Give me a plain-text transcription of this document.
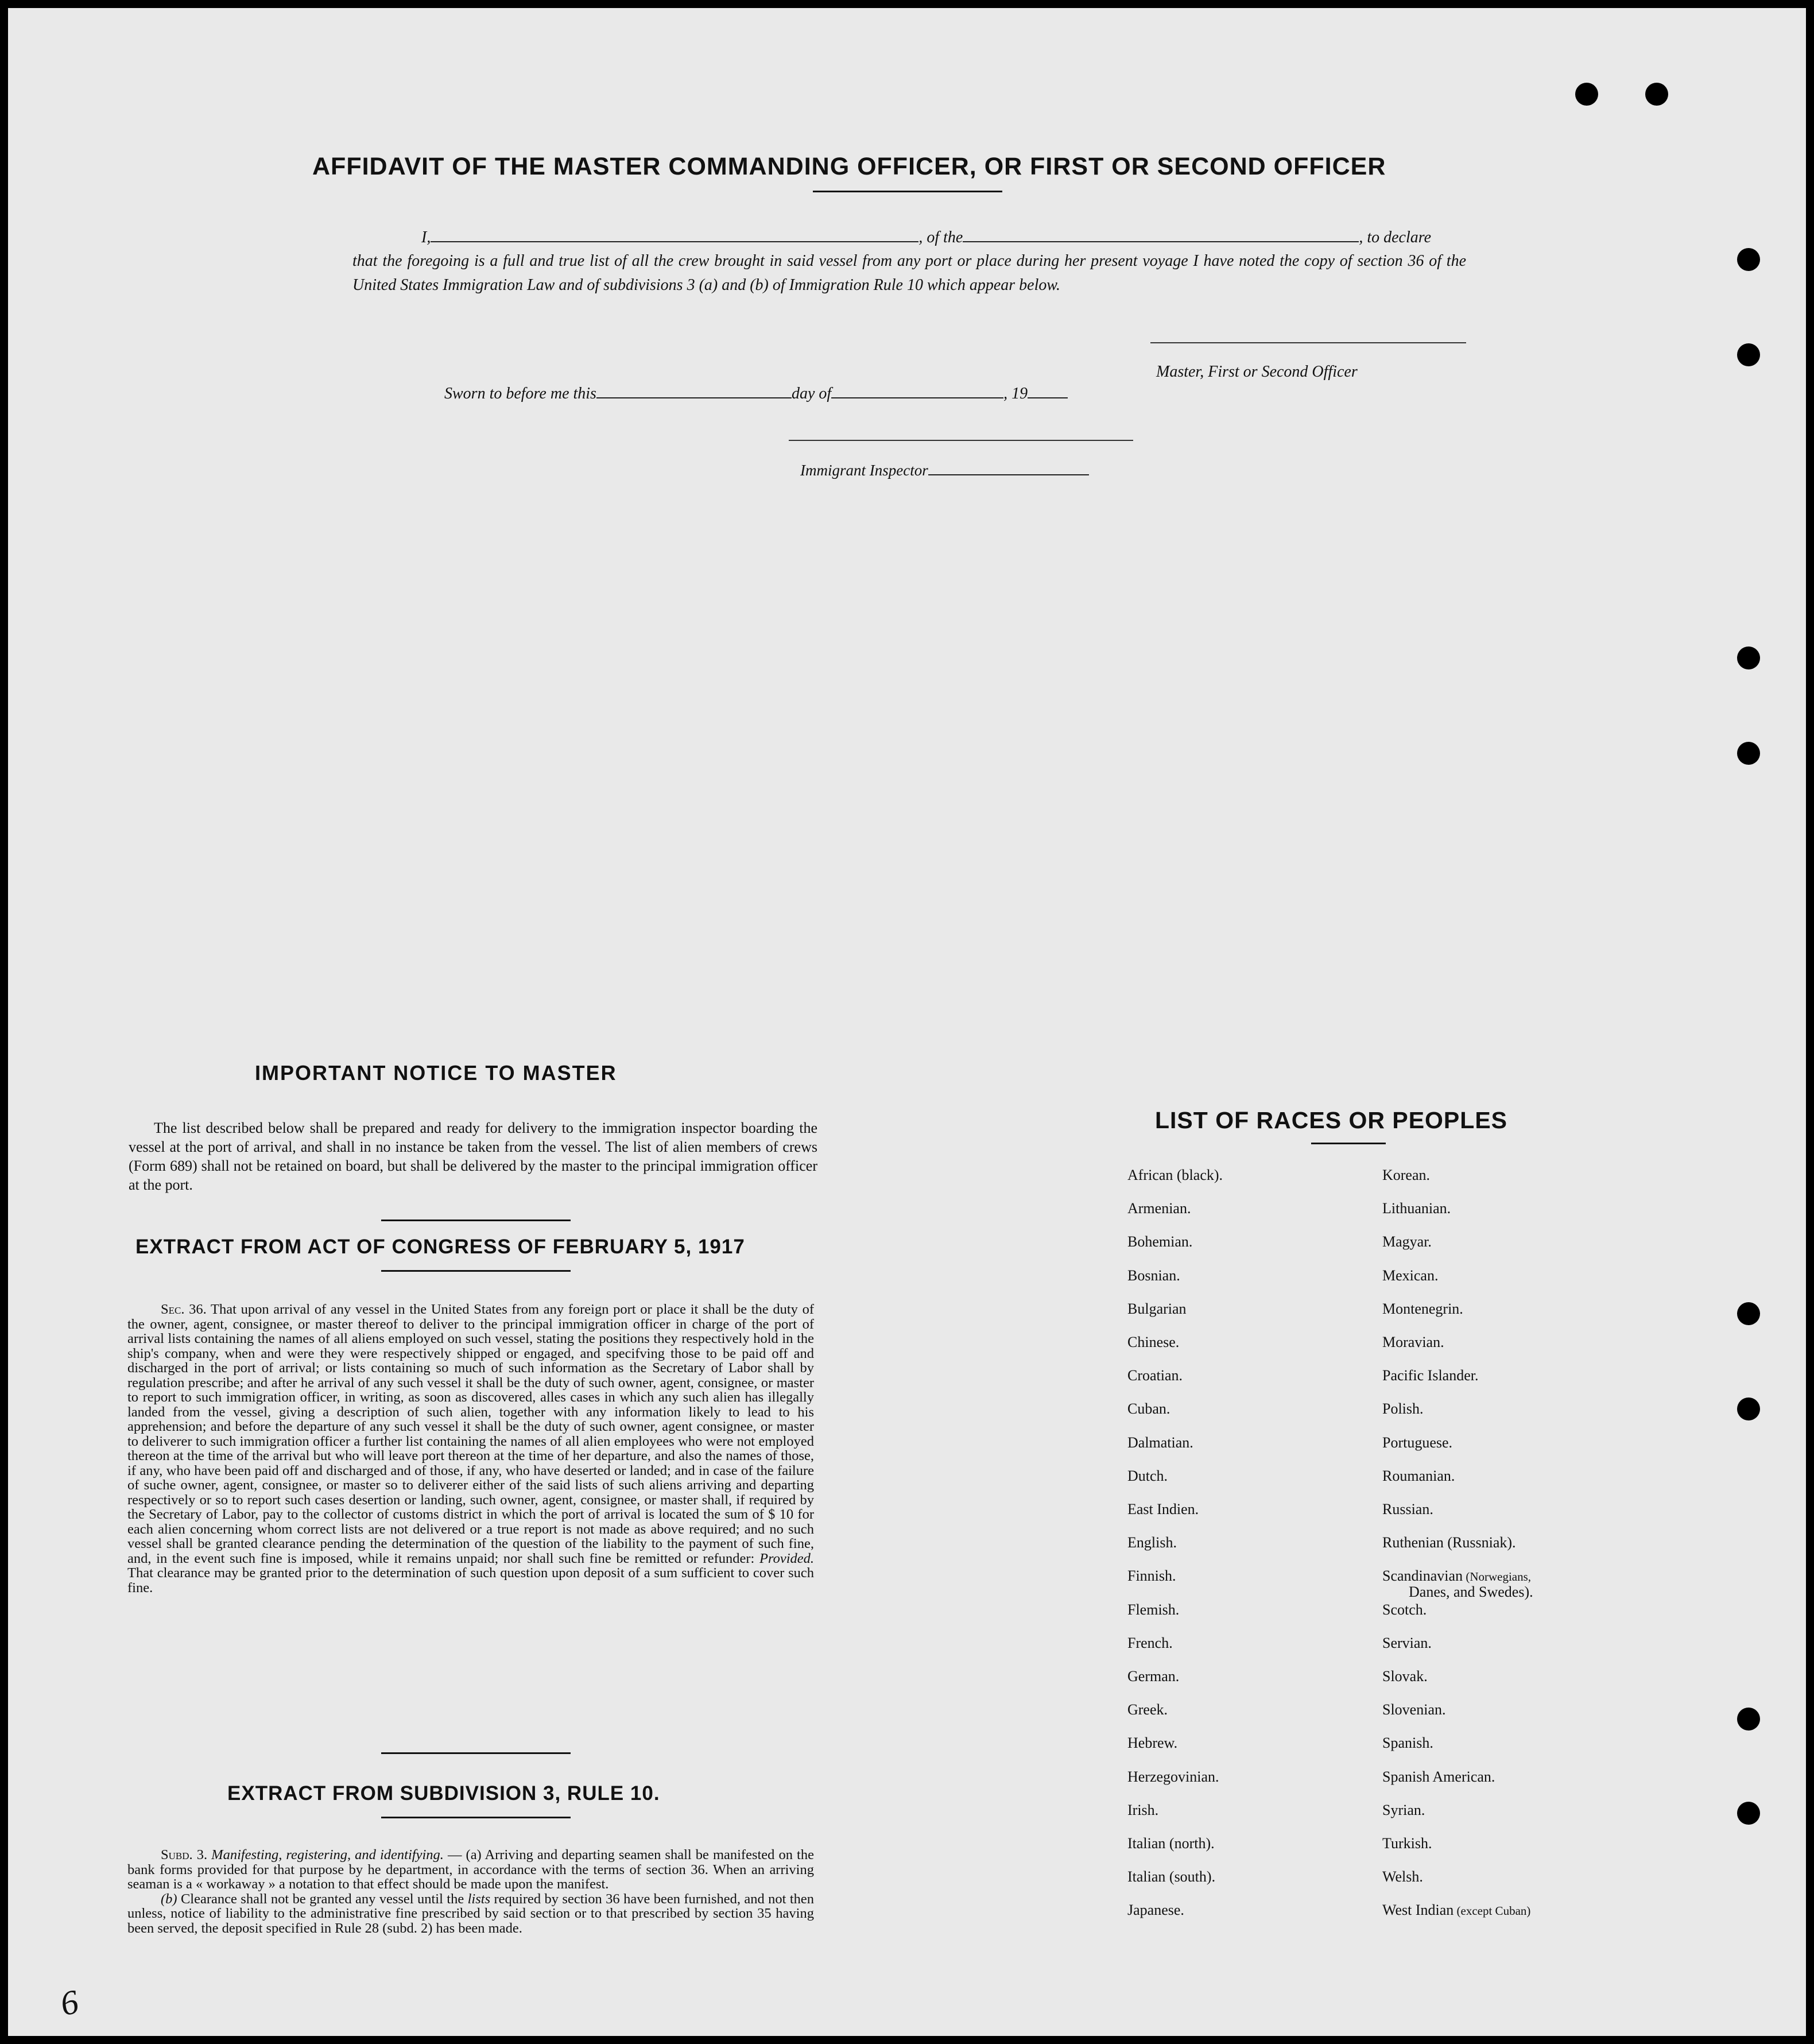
AFFIDAVIT OF THE MASTER COMMANDING OFFICER, OR FIRST OR SECOND OFFICER
I,	, of the	, to declare
that the foregoing is a full and true list of all the crew brought in said vessel from any port or place during her present voyage I have noted the copy of section 36 of the United States Immigration Law and of subdivisions 3 (a) and (b) of Immigration Rule 10 which appear below.
Master, First or Second Officer
Sworn to before me this	day of	, 19
Immigrant Inspector
IMPORTANT NOTICE TO MASTER
The list described below shall be prepared and ready for delivery to the immigration inspector boarding the vessel at the port of arrival, and shall in no instance be taken from the vessel. The list of alien members of crews (Form 689) shall not be retained on board, but shall be delivered by the master to the principal immigration officer at the port.
EXTRACT FROM ACT OF CONGRESS OF FEBRUARY 5, 1917
Sec. 36. That upon arrival of any vessel in the United States from any foreign port or place it shall be the duty of the owner, agent, consignee, or master thereof to deliver to the principal immigration officer in charge of the port of arrival lists containing the names of all aliens employed on such vessel, stating the positions they respectively hold in the ship's company, when and were they were respectively shipped or engaged, and specifving those to be paid off and discharged in the port of arrival; or lists containing so much of such information as the Secretary of Labor shall by regulation prescribe; and after he arrival of any such vessel it shall be the duty of such owner, agent, consignee, or master to report to such immigration officer, in writing, as soon as discovered, alles cases in which any such alien has illegally landed from the vessel, giving a description of such alien, together with any information likely to lead to his apprehension; and before the departure of any such vessel it shall be the duty of such owner, agent consignee, or master to deliverer to such immigration officer a further list containing the names of all alien employees who were not employed thereon at the time of the arrival but who will leave port thereon at the time of her departure, and also the names of those, if any, who have been paid off and discharged and of those, if any, who have deserted or landed; and in case of the failure of suche owner, agent, consignee, or master so to deliverer either of the said lists of such aliens arriving and departing respectively or so to report such cases desertion or landing, such owner, agent, consignee, or master shall, if required by the Secretary of Labor, pay to the collector of customs district in which the port of arrival is located the sum of $ 10 for each alien concerning whom correct lists are not delivered or a true report is not made as above required; and no such vessel shall be granted clearance pending the determination of the question of the liability to the payment of such fine, and, in the event such fine is imposed, while it remains unpaid; nor shall such fine be remitted or refunder: Provided. That clearance may be granted prior to the determination of such question upon deposit of a sum sufficient to cover such fine.
EXTRACT FROM SUBDIVISION 3, RULE 10.

Subd. 3. Manifesting, registering, and identifying. — (a) Arriving and departing seamen shall be manifested on the bank forms provided for that purpose by he department, in accordance with the terms of section 36. When an arriving seaman is a « workaway » a notation to that effect should be made upon the manifest.

(b) Clearance shall not be granted any vessel until the lists required by section 36 have been furnished, and not then unless, notice of liability to the administrative fine prescribed by said section or to that prescribed by section 35 having been served, the deposit specified in Rule 28 (subd. 2) has been made.

LIST OF RACES OR PEOPLES
African (black).
Armenian.
Bohemian.
Bosnian.
Bulgarian
Chinese.
Croatian.
Cuban.
Dalmatian.
Dutch.
East Indien.
English.
Finnish.
Flemish.
French.
German.
Greek.
Hebrew.
Herzegovinian.
Irish.
Italian (north).
Italian (south).
Japanese.
Korean.
Lithuanian.
Magyar.
Mexican.
Montenegrin.
Moravian.
Pacific Islander.
Polish.
Portuguese.
Roumanian.
Russian.
Ruthenian (Russniak).
Scandinavian (Norwegians,
Scotch.
Servian.
Slovak.
Slovenian.
Spanish.
Spanish American.
Syrian.
Turkish.
Welsh.
West Indian (except Cuban)
Danes, and Swedes).
6
